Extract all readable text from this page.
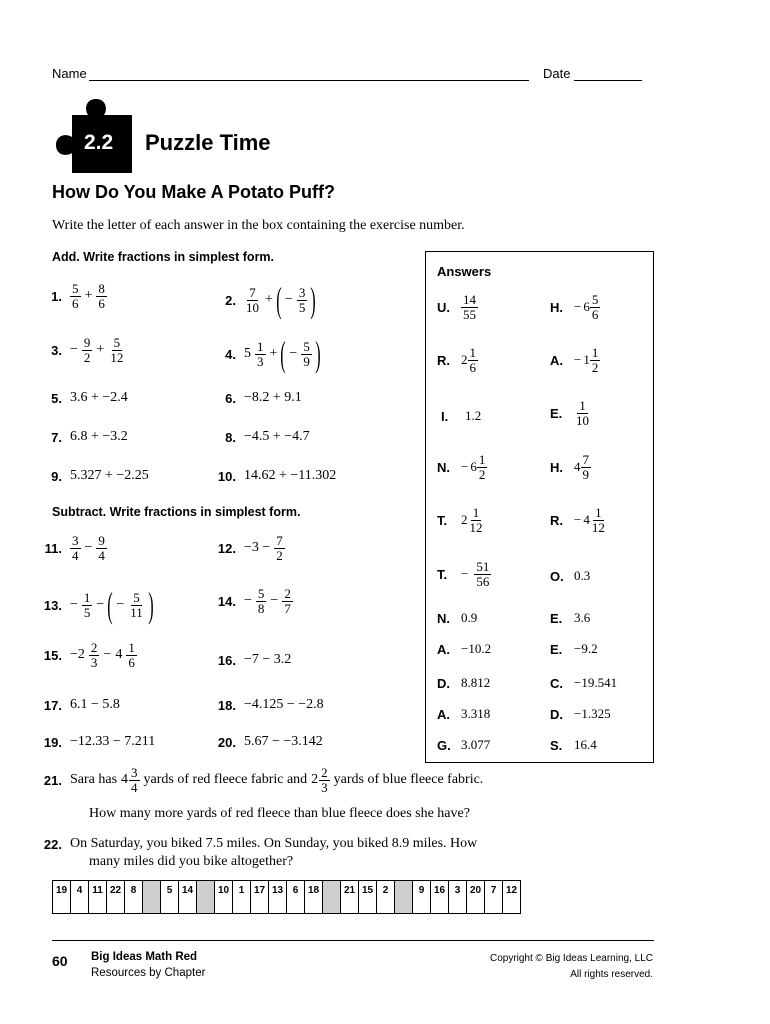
Name	Date
2.2 Puzzle Time
How Do You Make A Potato Puff?
Write the letter of each answer in the box containing the exercise number.
Add. Write fractions in simplest form.
1. $\frac{5}{6} + \frac{8}{6}$	2. $\frac{7}{10}$ + ( − $\frac{3}{5}$ )
3. − $\frac{9}{2} + \frac{5}{12}$	4. $5 \frac{1}{3}$ + ( − $\frac{5}{9}$ )
5. 3.6 + −2.4	6. −8.2 + 9.1
7. 6.8 + −3.2	8. −4.5 + −4.7
9. 5.327 + −2.25	10. 14.62 + −11.302
Subtract. Write fractions in simplest form.
11. $\frac{3}{4} - \frac{9}{4}$	12. $-3 - \frac{7}{2}$
13. − $\frac{1}{5}$ − ( − $\frac{5}{11}$ )	14. − $\frac{5}{8} - \frac{2}{7}$
15. $-2 \frac{2}{3} - 4 \frac{1}{6}$	16. −7 − 3.2
17. 6.1 − 5.8	18. −4.125 − −2.8
19. −12.33 − 7.211	20. 5.67 − −3.142
21. Sara has $4 \frac{3}{4}$ yards of red fleece fabric and $2 \frac{2}{3}$ yards of blue fleece fabric.
How many more yards of red fleece than blue fleece does she have?
22. On Saturday, you biked 7.5 miles. On Sunday, you biked 8.9 miles. How
many miles did you bike altogether?
Answers
U. $\frac{14}{55}$	H. − $6 \frac{5}{6}$
R. $2 \frac{1}{6}$	A. − $1 \frac{1}{2}$
I.	1.2	E. $\frac{1}{10}$
N. − $6 \frac{1}{2}$	H. $4 \frac{7}{9}$
T.	$2 \frac{1}{12}$	R. − $4 \frac{1}{12}$
T.	− $\frac{51}{56}$	O. 0.3
N. 0.9	E. 3.6
A. −10.2	E. −9.2
D. 8.812	C. −19.541
A. 3.318	D. −1.325
G. 3.077	S. 16.4
19	4	11	22	8		5	14		10	1	17	13	6	18		21	15	2		9	16	3	20	7	12
60 Big Ideas Math Red
Resources by Chapter
Copyright © Big Ideas Learning, LLC
All rights reserved.
